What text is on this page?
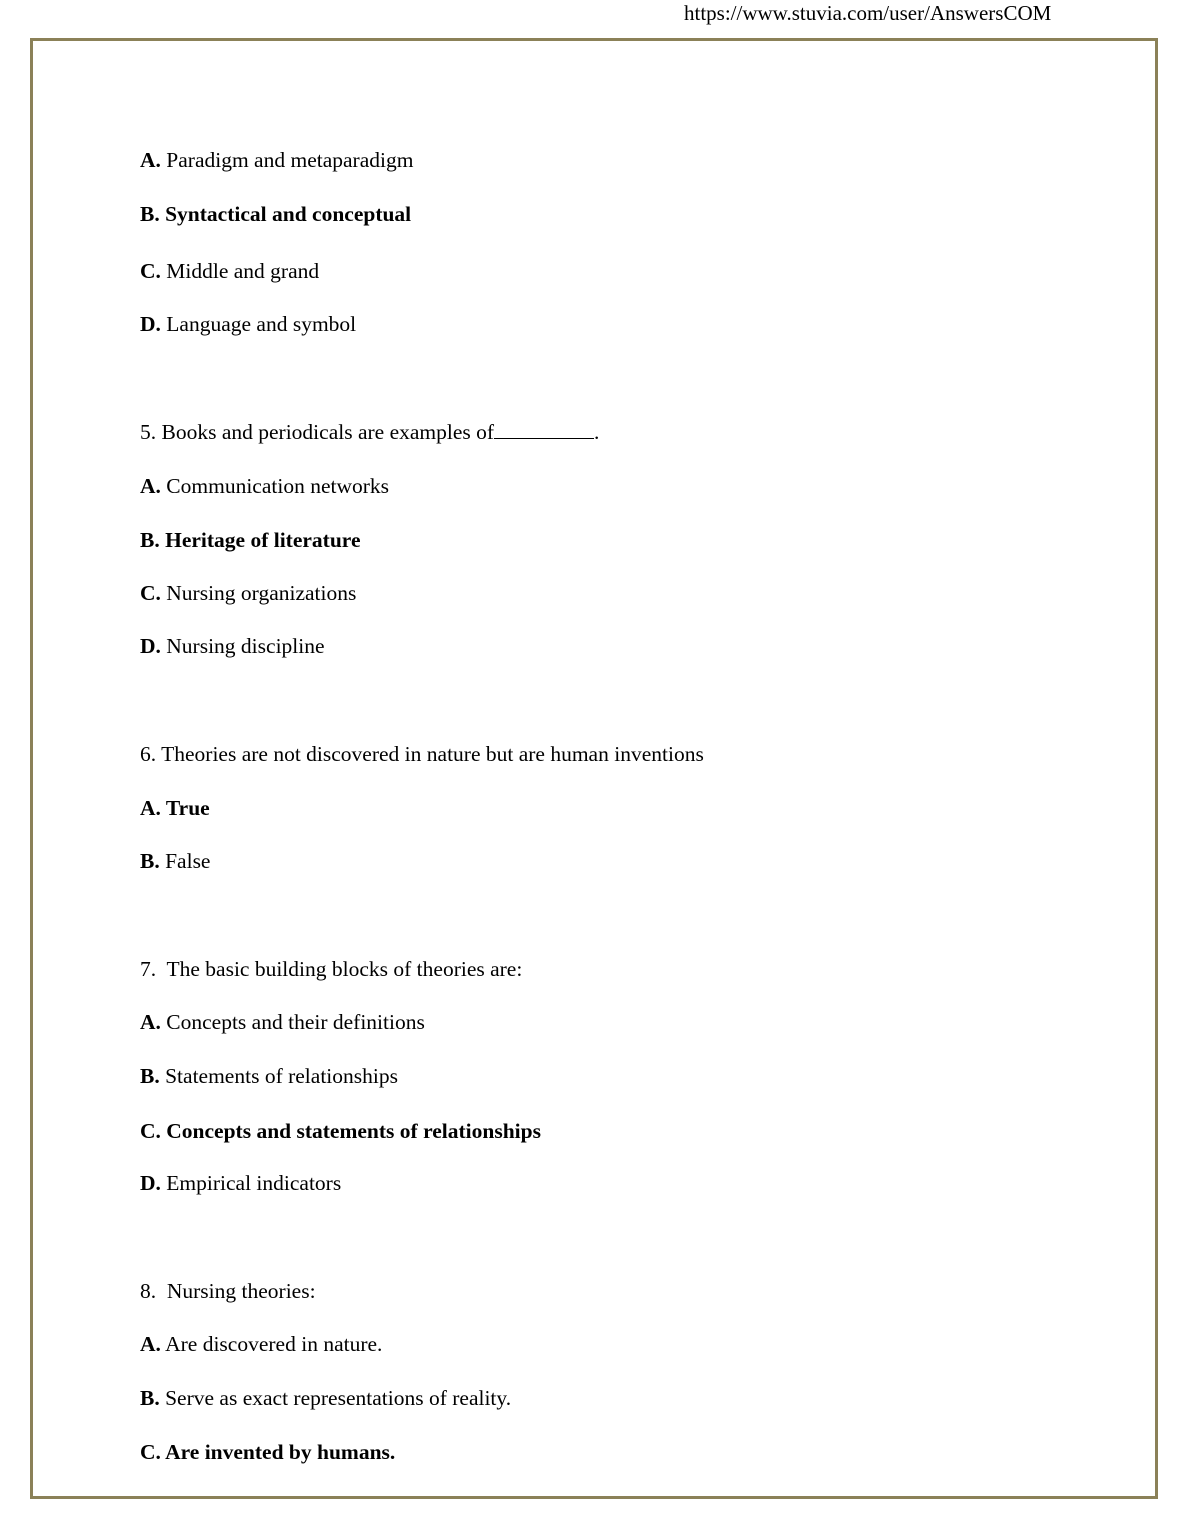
https://www.stuvia.com/user/AnswersCOM
A. Paradigm and metaparadigm
B. Syntactical and conceptual
C. Middle and grand
D. Language and symbol
5. Books and periodicals are examples of	.
A. Communication networks
B. Heritage of literature
C. Nursing organizations
D. Nursing discipline
6. Theories are not discovered in nature but are human inventions
A. True
B. False
7.  The basic building blocks of theories are:
A. Concepts and their definitions
B. Statements of relationships
C. Concepts and statements of relationships
D. Empirical indicators
8.  Nursing theories:
A. Are discovered in nature.
B. Serve as exact representations of reality.
C. Are invented by humans.
